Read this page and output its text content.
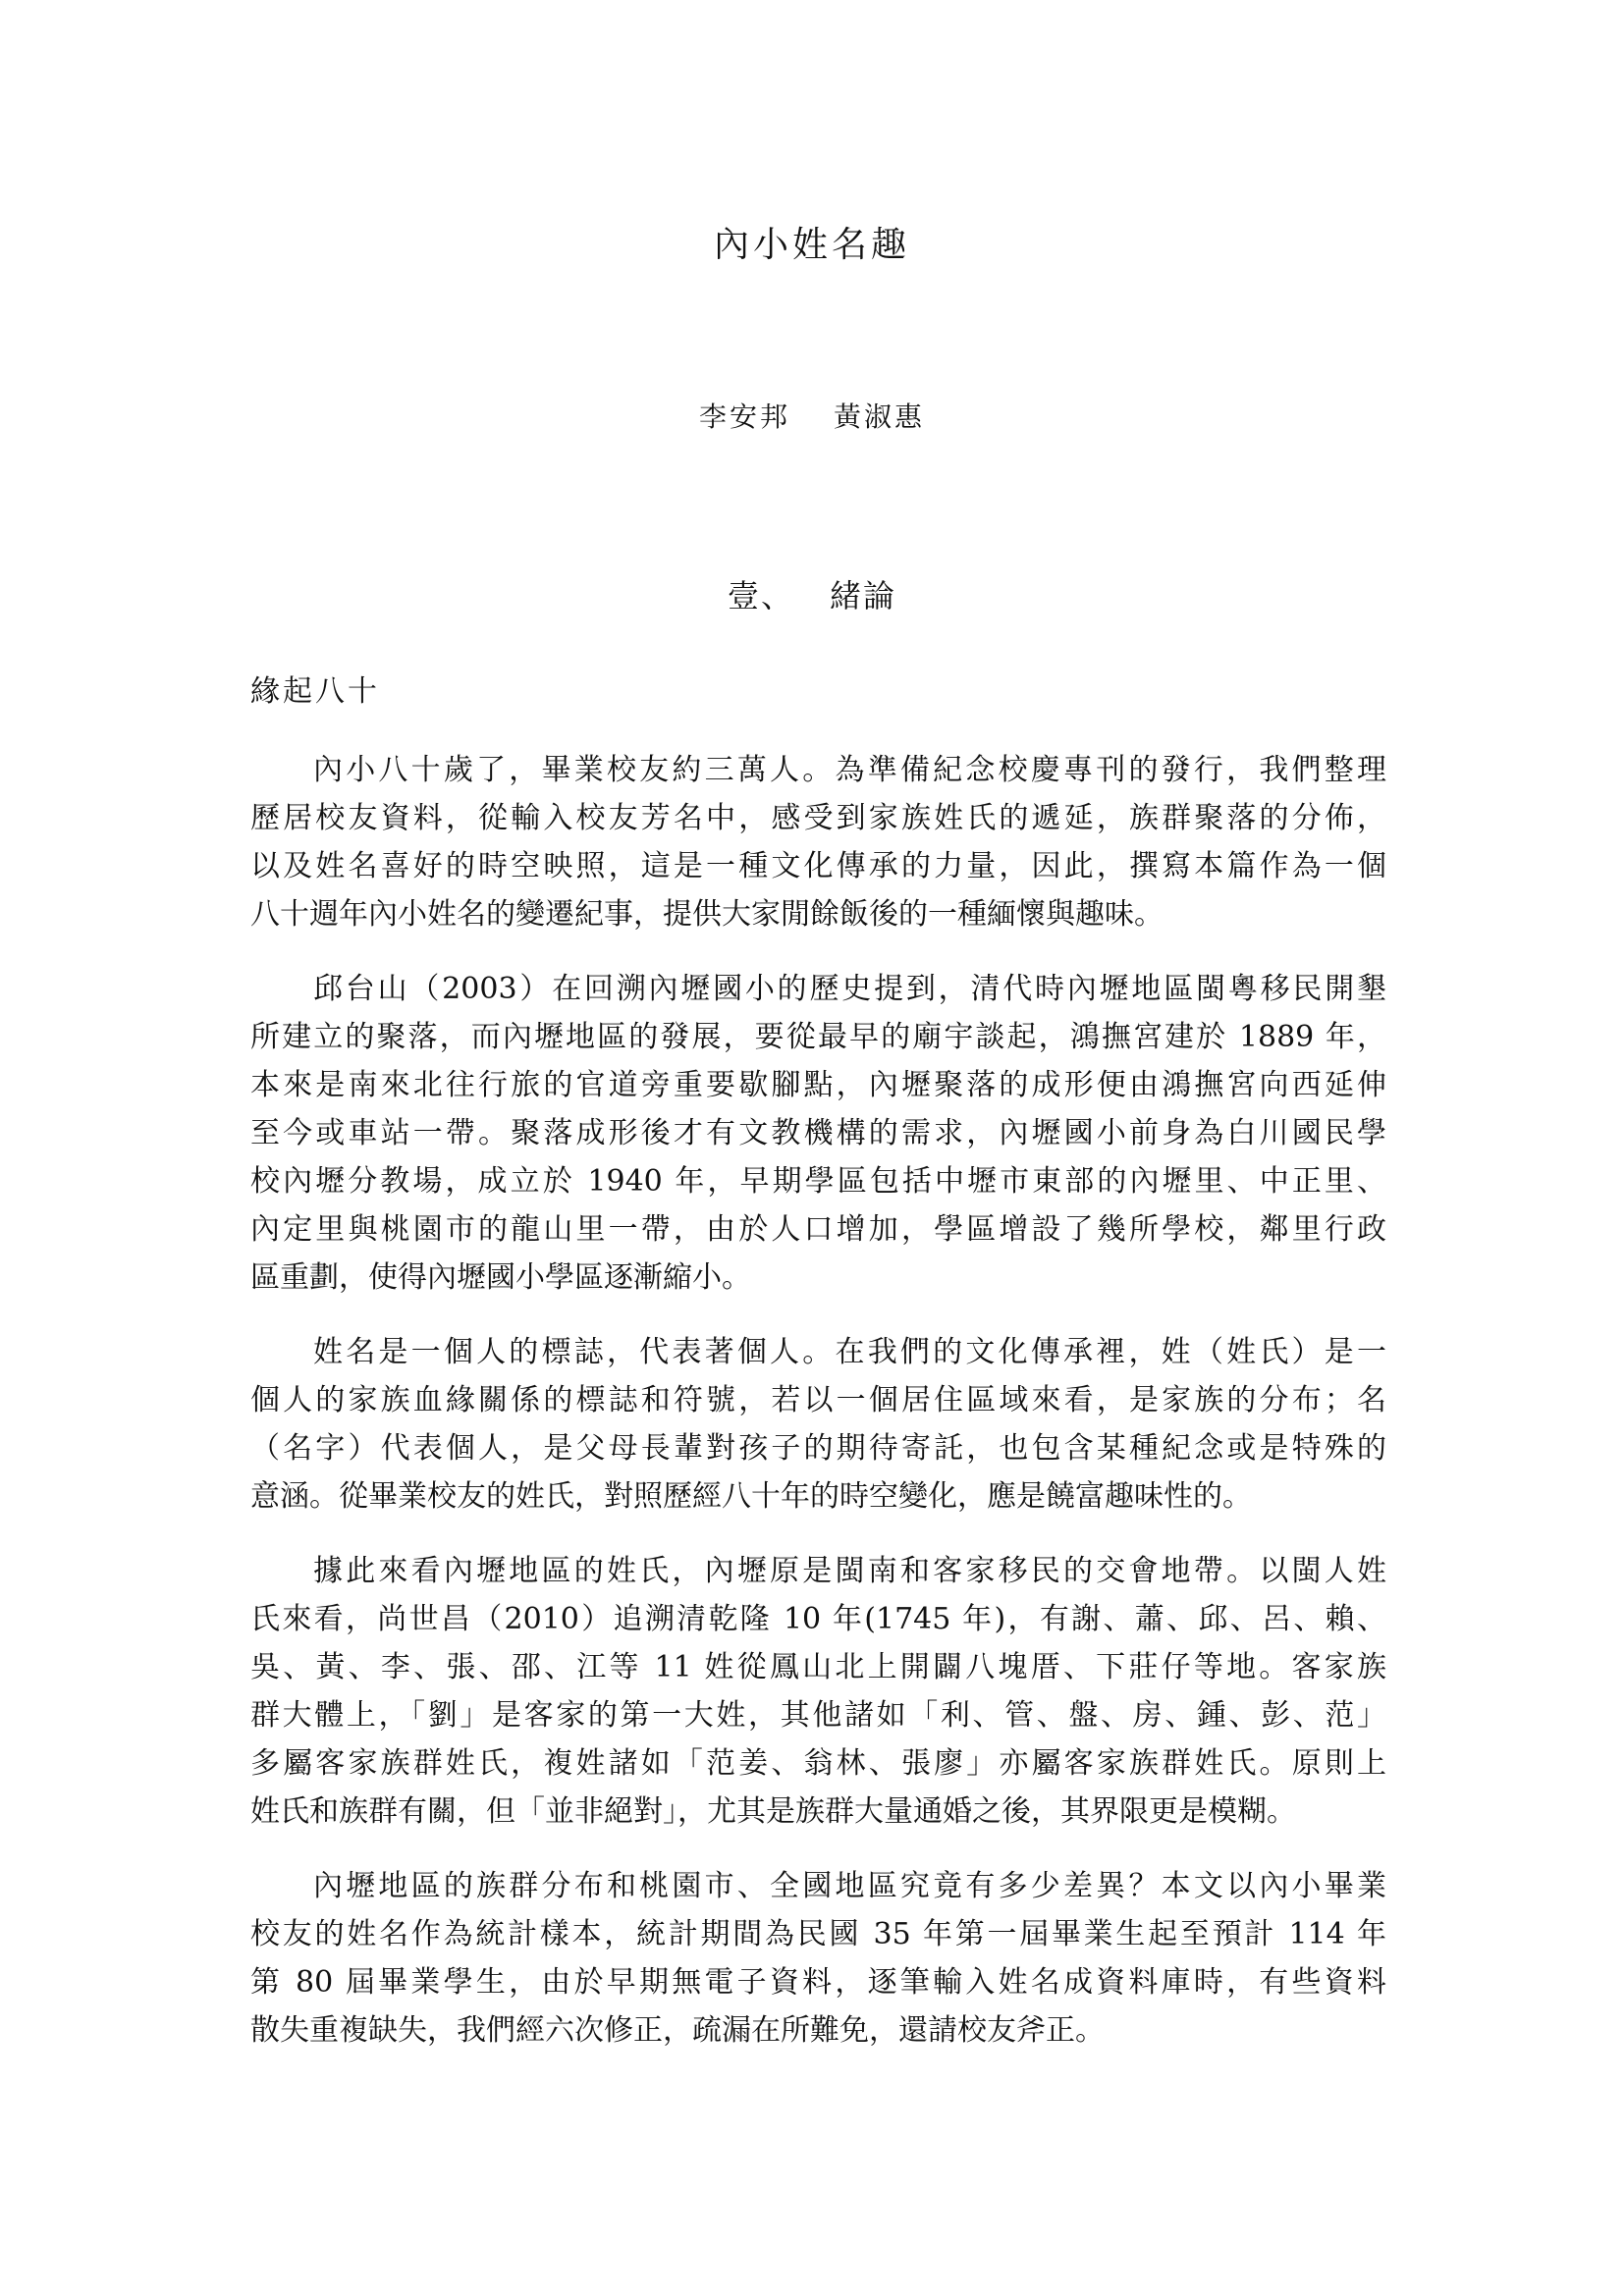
內小姓名趣
李安邦 黃淑惠
壹、 緒論
緣起八十
內小八十歲了，畢業校友約三萬人。為準備紀念校慶專刊的發行，我們整理
歷居校友資料，從輸入校友芳名中，感受到家族姓氏的遞延，族群聚落的分佈，
以及姓名喜好的時空映照，這是一種文化傳承的力量，因此，撰寫本篇作為一個
八十週年內小姓名的變遷紀事，提供大家閒餘飯後的一種緬懷與趣味。
邱台山（2003）在回溯內壢國小的歷史提到，清代時內壢地區閩粵移民開墾
所建立的聚落，而內壢地區的發展，要從最早的廟宇談起，鴻撫宮建於 1889 年，
本來是南來北往行旅的官道旁重要歇腳點，內壢聚落的成形便由鴻撫宮向西延伸
至今或車站一帶。聚落成形後才有文教機構的需求，內壢國小前身為白川國民學
校內壢分教場，成立於 1940 年，早期學區包括中壢市東部的內壢里、中正里、
內定里與桃園市的龍山里一帶，由於人口增加，學區增設了幾所學校，鄰里行政
區重劃，使得內壢國小學區逐漸縮小。
姓名是一個人的標誌，代表著個人。在我們的文化傳承裡，姓（姓氏）是一
個人的家族血緣關係的標誌和符號，若以一個居住區域來看，是家族的分布；名
（名字）代表個人，是父母長輩對孩子的期待寄託，也包含某種紀念或是特殊的
意涵。從畢業校友的姓氏，對照歷經八十年的時空變化，應是饒富趣味性的。
據此來看內壢地區的姓氏，內壢原是閩南和客家移民的交會地帶。以閩人姓
氏來看，尚世昌（2010）追溯清乾隆 10 年(1745 年)，有謝、蕭、邱、呂、賴、
吳、黃、李、張、邵、江等 11 姓從鳳山北上開闢八塊厝、下莊仔等地。客家族
群大體上，「劉」是客家的第一大姓，其他諸如「利、管、盤、房、鍾、彭、范」
多屬客家族群姓氏，複姓諸如「范姜、翁林、張廖」亦屬客家族群姓氏。原則上
姓氏和族群有關，但「並非絕對」，尤其是族群大量通婚之後，其界限更是模糊。
內壢地區的族群分布和桃園市、全國地區究竟有多少差異？本文以內小畢業
校友的姓名作為統計樣本，統計期間為民國 35 年第一屆畢業生起至預計 114 年
第 80 屆畢業學生，由於早期無電子資料，逐筆輸入姓名成資料庫時，有些資料
散失重複缺失，我們經六次修正，疏漏在所難免，還請校友斧正。
